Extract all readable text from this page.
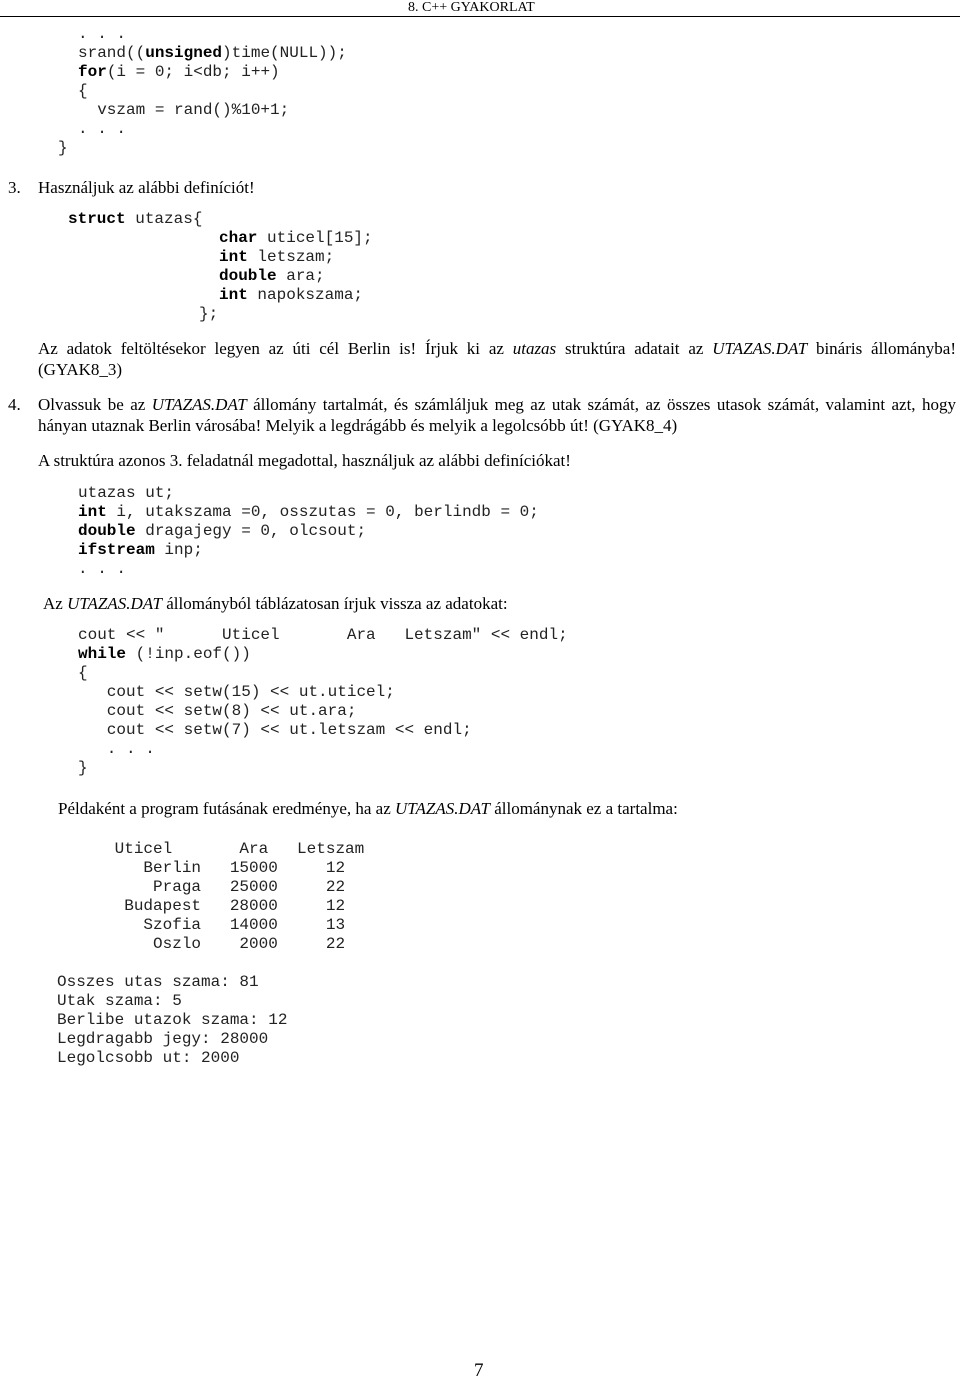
8. C++ GYAKORLAT
. . .
srand((unsigned)time(NULL));
for(i = 0; i<db; i++)
{
vszam = rand()%10+1;
. . .
}
3. Használjuk az alábbi definíciót!
struct utazas{
char uticel[15];
int letszam;
double ara;
int napokszama;
};
Az adatok feltöltésekor legyen az úti cél Berlin is! Írjuk ki az utazas struktúra adatait az UTAZAS.DAT bináris állományba! (GYAK8_3)
4. Olvassuk be az UTAZAS.DAT állomány tartalmát, és számláljuk meg az utak számát, az összes utasok számát, valamint azt, hogy hányan utaznak Berlin városába! Melyik a legdrágább és melyik a legolcsóbb út! (GYAK8_4)
A struktúra azonos 3. feladatnál megadottal, használjuk az alábbi definíciókat!
utazas ut;
int i, utakszama =0, osszutas = 0, berlindb = 0;
double dragajegy = 0, olcsout;
ifstream inp;
. . .
Az UTAZAS.DAT állományból táblázatosan írjuk vissza az adatokat:
cout << "      Uticel       Ara   Letszam" << endl;
while (!inp.eof())
{
cout << setw(15) << ut.uticel;
cout << setw(8) << ut.ara;
cout << setw(7) << ut.letszam << endl;
. . .
}
Példaként a program futásának eredménye, ha az UTAZAS.DAT állománynak ez a tartalma:
Uticel       Ara   Letszam
Berlin   15000     12
Praga   25000     22
Budapest   28000     12
Szofia   14000     13
Oszlo    2000     22
Osszes utas szama: 81
Utak szama: 5
Berlibe utazok szama: 12
Legdragabb jegy: 28000
Legolcsobb ut: 2000
7
